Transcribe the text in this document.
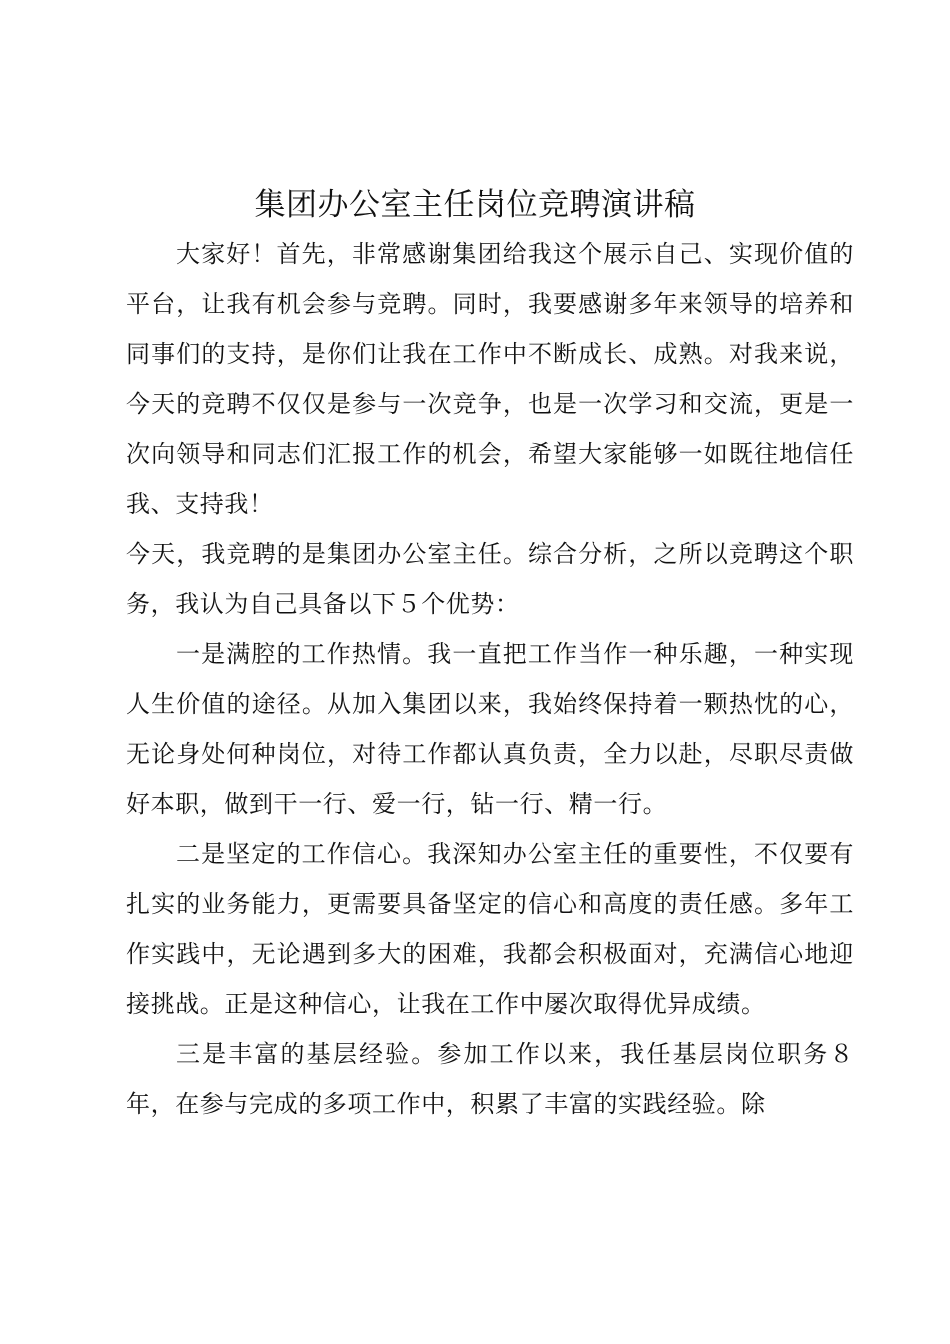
集团办公室主任岗位竞聘演讲稿

大家好！首先，非常感谢集团给我这个展示自己、实现价值的平台，让我有机会参与竞聘。同时，我要感谢多年来领导的培养和同事们的支持，是你们让我在工作中不断成长、成熟。对我来说，今天的竞聘不仅仅是参与一次竞争，也是一次学习和交流，更是一次向领导和同志们汇报工作的机会，希望大家能够一如既往地信任我、支持我！

今天，我竞聘的是集团办公室主任。综合分析，之所以竞聘这个职务，我认为自己具备以下５个优势：

一是满腔的工作热情。我一直把工作当作一种乐趣，一种实现人生价值的途径。从加入集团以来，我始终保持着一颗热忱的心，无论身处何种岗位，对待工作都认真负责，全力以赴，尽职尽责做好本职，做到干一行、爱一行，钻一行、精一行。

二是坚定的工作信心。我深知办公室主任的重要性，不仅要有扎实的业务能力，更需要具备坚定的信心和高度的责任感。多年工作实践中，无论遇到多大的困难，我都会积极面对，充满信心地迎接挑战。正是这种信心，让我在工作中屡次取得优异成绩。

三是丰富的基层经验。参加工作以来，我任基层岗位职务８年，在参与完成的多项工作中，积累了丰富的实践经验。除
